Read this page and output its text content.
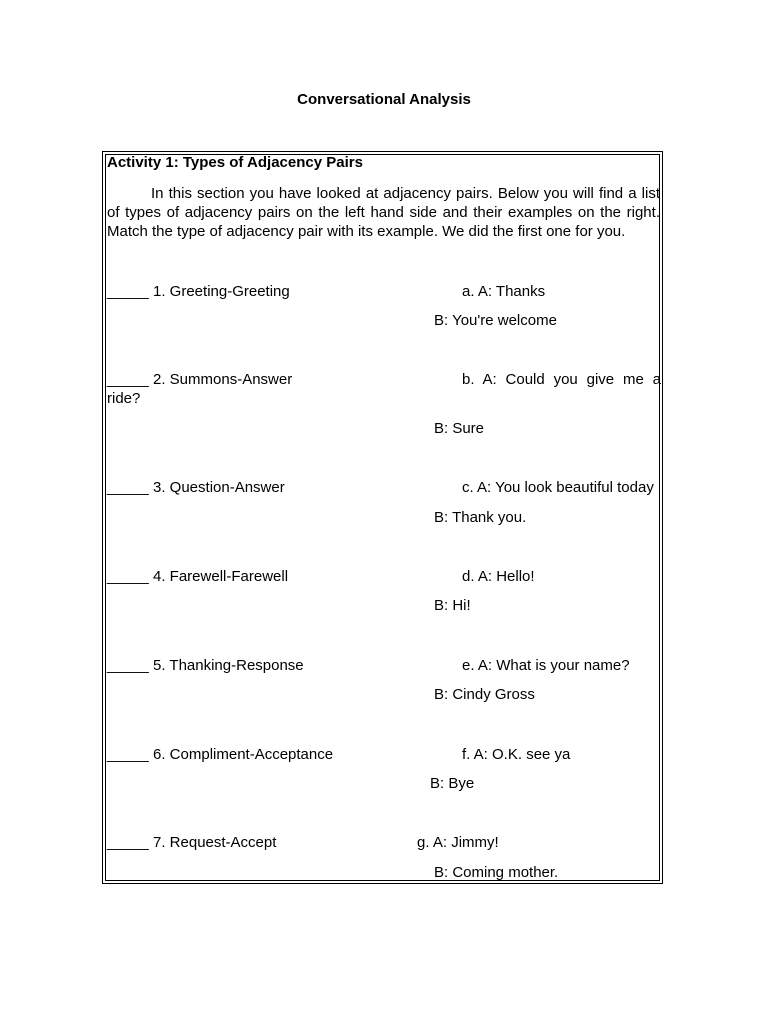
Conversational Analysis
Activity 1: Types of Adjacency Pairs
In this section you have looked at adjacency pairs. Below you will find a list of types of adjacency pairs on the left hand side and their examples on the right. Match the type of adjacency pair with its example. We did the first one for you.
_____ 1. Greeting-Greeting	a. A: Thanks
B: You're welcome
_____ 2. Summons-Answer	b. A: Could you give me a
ride?
B: Sure
_____ 3. Question-Answer	c. A: You look beautiful today
B: Thank you.
_____ 4. Farewell-Farewell	d. A: Hello!
B: Hi!
_____ 5. Thanking-Response	e. A: What is your name?
B: Cindy Gross
_____ 6. Compliment-Acceptance	f. A: O.K. see ya
B: Bye
_____ 7. Request-Accept	g. A: Jimmy!
B: Coming mother.
